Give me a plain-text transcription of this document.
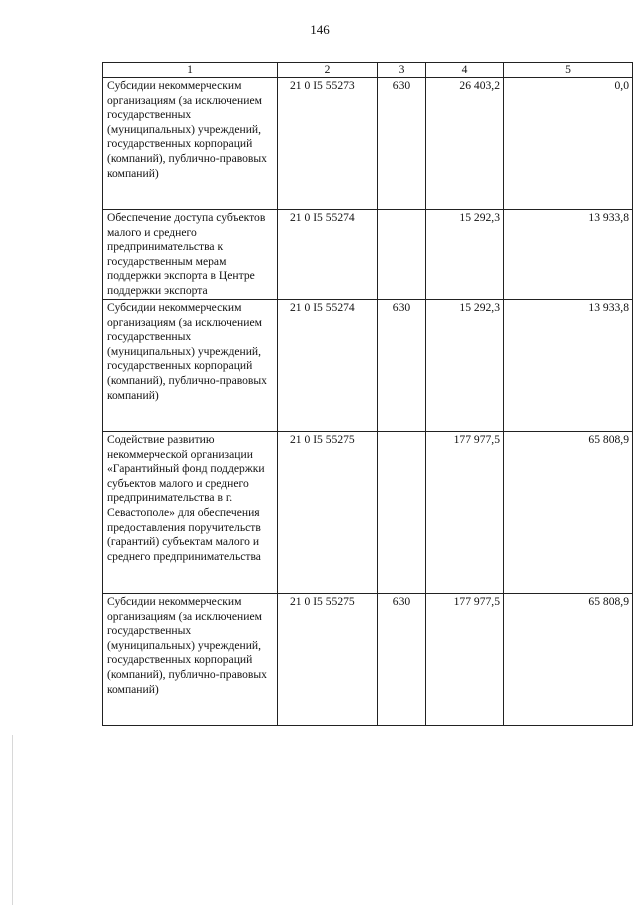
146
1	2	3	4	5
Субсидии некоммерческим организациям (за исключением государственных (муниципальных) учреждений, государственных корпораций (компаний), публично-правовых компаний)	21 0 I5 55273	630	26 403,2	0,0
Обеспечение доступа субъектов малого и среднего предпринимательства к государственным мерам поддержки экспорта в Центре поддержки экспорта	21 0 I5 55274		15 292,3	13 933,8
Субсидии некоммерческим организациям (за исключением государственных (муниципальных) учреждений, государственных корпораций (компаний), публично-правовых компаний)	21 0 I5 55274	630	15 292,3	13 933,8
Содействие развитию некоммерческой организации «Гарантийный фонд поддержки субъектов малого и среднего предпринимательства в г. Севастополе» для обеспечения предоставления поручительств (гарантий) субъектам малого и среднего предпринимательства	21 0 I5 55275		177 977,5	65 808,9
Субсидии некоммерческим организациям (за исключением государственных (муниципальных) учреждений, государственных корпораций (компаний), публично-правовых компаний)	21 0 I5 55275	630	177 977,5	65 808,9
